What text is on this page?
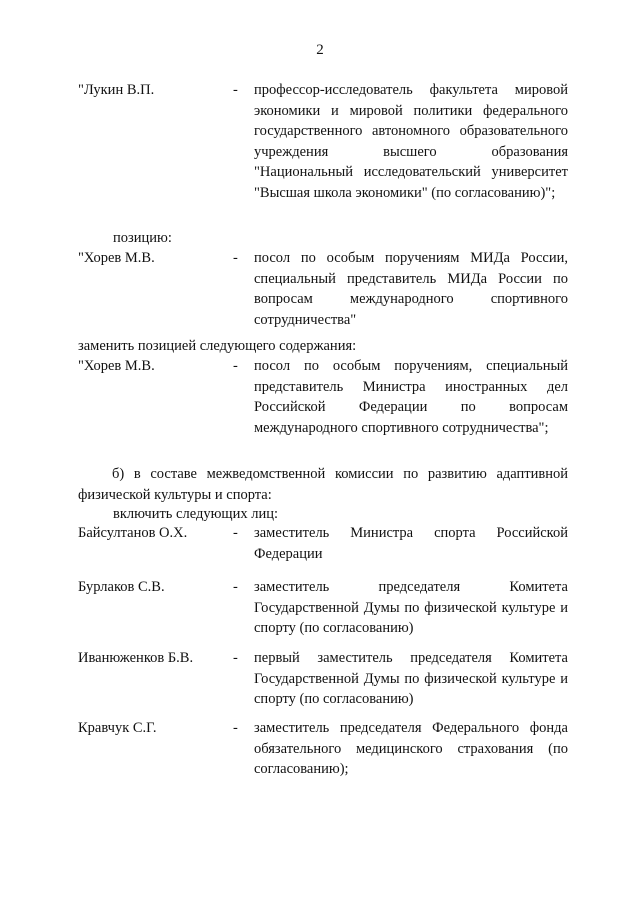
2
"Лукин В.П.	- профессор-исследователь факультета мировой экономики и мировой политики федерального государственного автономного образовательного учреждения высшего образования "Национальный исследовательский университет "Высшая школа экономики" (по согласованию)";
позицию:
"Хорев М.В.	- посол по особым поручениям МИДа России, специальный представитель МИДа России по вопросам международного спортивного сотрудничества"
заменить позицией следующего содержания:
"Хорев М.В.	- посол по особым поручениям, специальный представитель Министра иностранных дел Российской Федерации по вопросам международного спортивного сотрудничества";
б) в составе межведомственной комиссии по развитию адаптивной физической культуры и спорта:
включить следующих лиц:
Байсултанов О.Х.	- заместитель Министра спорта Российской Федерации
Бурлаков С.В.	- заместитель председателя Комитета Государственной Думы по физической культуре и спорту (по согласованию)
Иванюженков Б.В.	- первый заместитель председателя Комитета Государственной Думы по физической культуре и спорту (по согласованию)
Кравчук С.Г.	- заместитель председателя Федерального фонда обязательного медицинского страхования (по согласованию);
